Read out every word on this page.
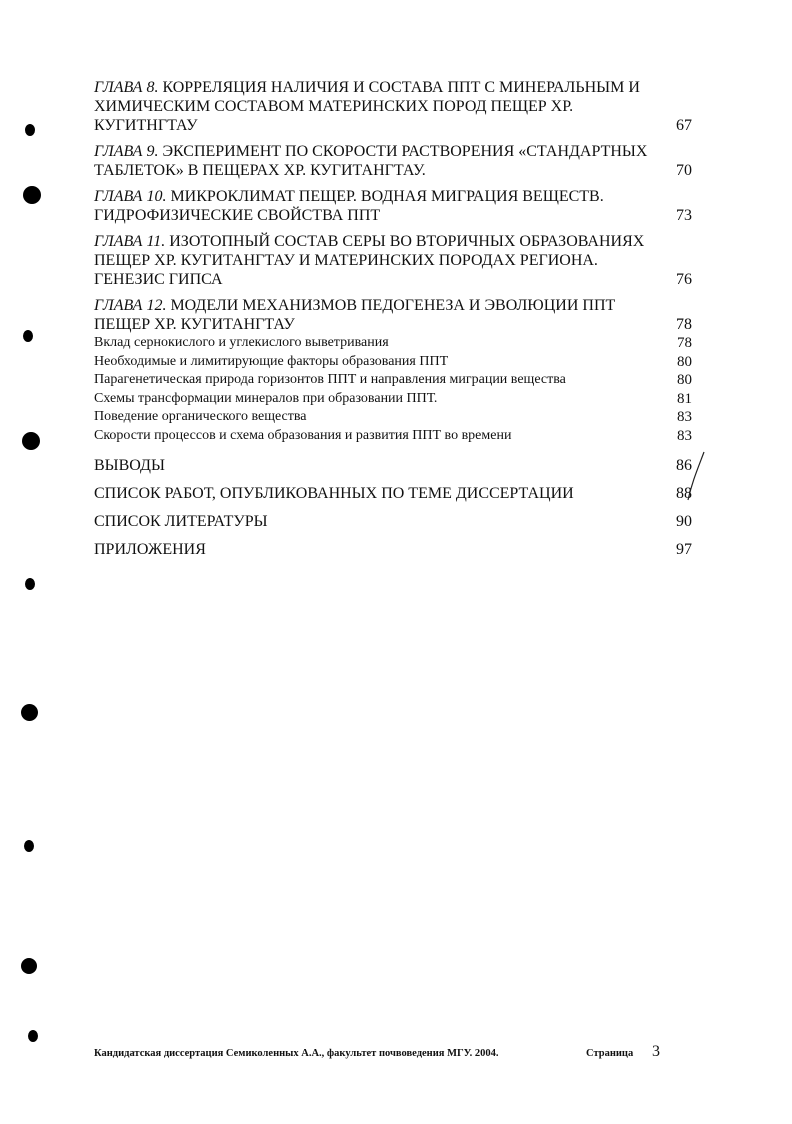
ГЛАВА 8. КОРРЕЛЯЦИЯ НАЛИЧИЯ И СОСТАВА ППТ С МИНЕРАЛЬНЫМ И ХИМИЧЕСКИМ СОСТАВОМ МАТЕРИНСКИХ ПОРОД ПЕЩЕР ХР. КУГИТНГТАУ	67
ГЛАВА 9. ЭКСПЕРИМЕНТ ПО СКОРОСТИ РАСТВОРЕНИЯ «СТАНДАРТНЫХ ТАБЛЕТОК» В ПЕЩЕРАХ ХР. КУГИТАНГТАУ.	70
ГЛАВА 10. МИКРОКЛИМАТ ПЕЩЕР. ВОДНАЯ МИГРАЦИЯ ВЕЩЕСТВ. ГИДРОФИЗИЧЕСКИЕ СВОЙСТВА ППТ	73
ГЛАВА 11. ИЗОТОПНЫЙ СОСТАВ СЕРЫ ВО ВТОРИЧНЫХ ОБРАЗОВАНИЯХ ПЕЩЕР ХР. КУГИТАНГТАУ И МАТЕРИНСКИХ ПОРОДАХ РЕГИОНА. ГЕНЕЗИС ГИПСА	76
ГЛАВА 12. МОДЕЛИ МЕХАНИЗМОВ ПЕДОГЕНЕЗА И ЭВОЛЮЦИИ ППТ ПЕЩЕР ХР. КУГИТАНГТАУ	78
Вклад сернокислого и углекислого выветривания	78
Необходимые и лимитирующие факторы образования ППТ	80
Парагенетическая природа горизонтов ППТ и направления миграции вещества	80
Схемы трансформации минералов при образовании ППТ.	81
Поведение органического вещества	83
Скорости процессов и схема образования и развития ППТ во времени	83
ВЫВОДЫ	86
СПИСОК РАБОТ, ОПУБЛИКОВАННЫХ ПО ТЕМЕ ДИССЕРТАЦИИ	88
СПИСОК ЛИТЕРАТУРЫ	90
ПРИЛОЖЕНИЯ	97
Кандидатская диссертация Семиколенных А.А., факультет почвоведения МГУ. 2004.	Страница 3
